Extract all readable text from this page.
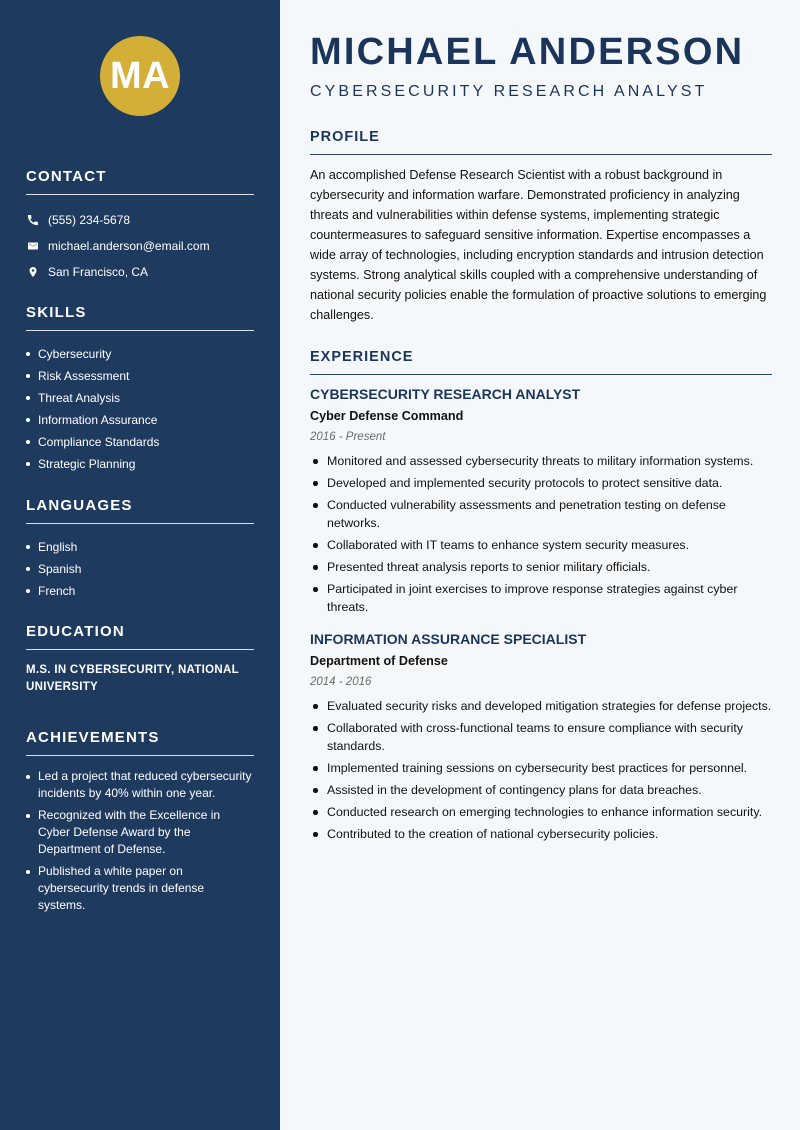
MA
CONTACT
(555) 234-5678
michael.anderson@email.com
San Francisco, CA
SKILLS
Cybersecurity
Risk Assessment
Threat Analysis
Information Assurance
Compliance Standards
Strategic Planning
LANGUAGES
English
Spanish
French
EDUCATION
M.S. IN CYBERSECURITY, NATIONAL UNIVERSITY
ACHIEVEMENTS
Led a project that reduced cybersecurity incidents by 40% within one year.
Recognized with the Excellence in Cyber Defense Award by the Department of Defense.
Published a white paper on cybersecurity trends in defense systems.
MICHAEL ANDERSON
CYBERSECURITY RESEARCH ANALYST
PROFILE

An accomplished Defense Research Scientist with a robust background in cybersecurity and information warfare. Demonstrated proficiency in analyzing threats and vulnerabilities within defense systems, implementing strategic countermeasures to safeguard sensitive information. Expertise encompasses a wide array of technologies, including encryption standards and intrusion detection systems. Strong analytical skills coupled with a comprehensive understanding of national security policies enable the formulation of proactive solutions to emerging challenges.

EXPERIENCE
CYBERSECURITY RESEARCH ANALYST
Cyber Defense Command
2016 - Present
Monitored and assessed cybersecurity threats to military information systems.
Developed and implemented security protocols to protect sensitive data.
Conducted vulnerability assessments and penetration testing on defense networks.
Collaborated with IT teams to enhance system security measures.
Presented threat analysis reports to senior military officials.
Participated in joint exercises to improve response strategies against cyber threats.
INFORMATION ASSURANCE SPECIALIST
Department of Defense
2014 - 2016
Evaluated security risks and developed mitigation strategies for defense projects.
Collaborated with cross-functional teams to ensure compliance with security standards.
Implemented training sessions on cybersecurity best practices for personnel.
Assisted in the development of contingency plans for data breaches.
Conducted research on emerging technologies to enhance information security.
Contributed to the creation of national cybersecurity policies.
